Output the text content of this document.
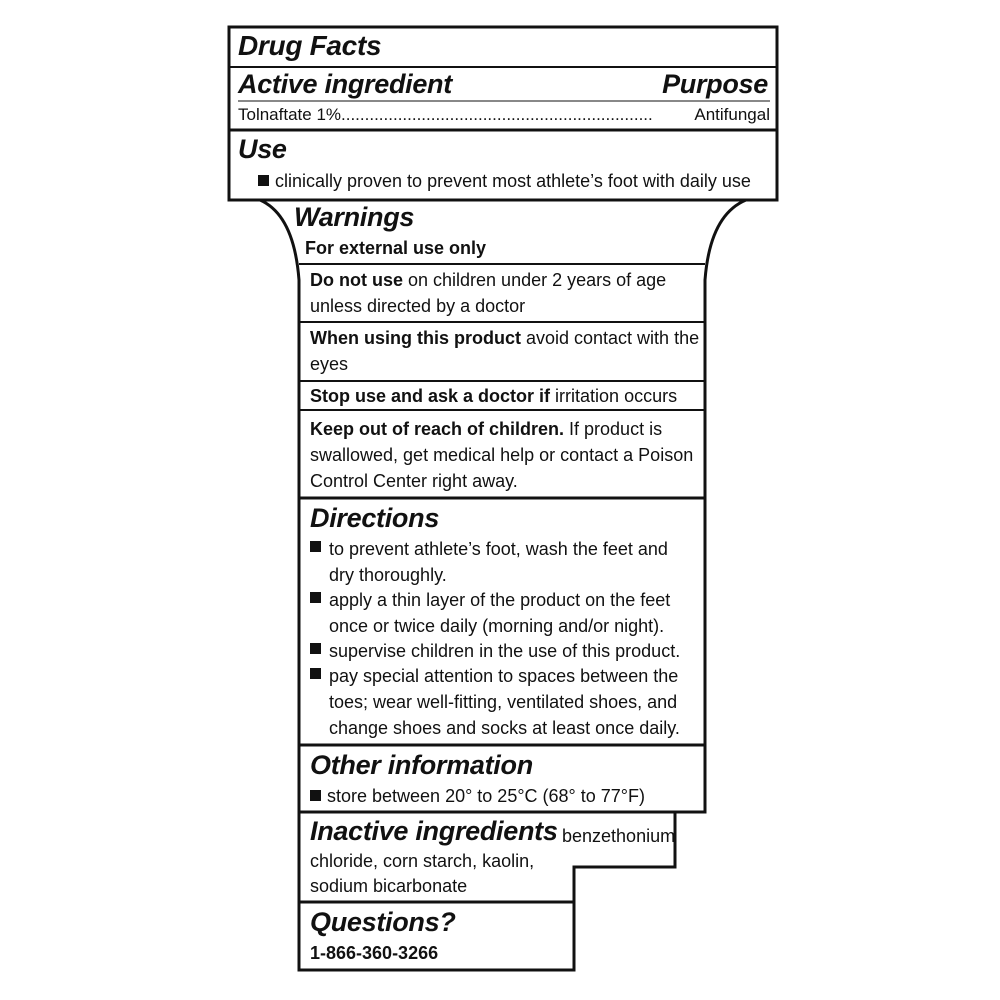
Drug Facts
Active ingredient	Purpose
Tolnaftate 1%..................................................................	Antifungal
Use
clinically proven to prevent most athlete’s foot with daily use
Warnings
For external use only
Do not use on children under 2 years of age
unless directed by a doctor
When using this product avoid contact with the
eyes
Stop use and ask a doctor if irritation occurs
Keep out of reach of children. If product is
swallowed, get medical help or contact a Poison
Control Center right away.
Directions
to prevent athlete’s foot, wash the feet and
dry thoroughly.
apply a thin layer of the product on the feet
once or twice daily (morning and/or night).
supervise children in the use of this product.
pay special attention to spaces between the
toes; wear well-fitting, ventilated shoes, and
change shoes and socks at least once daily.
Other information
store between 20° to 25°C (68° to 77°F)
Inactive ingredients benzethonium
chloride, corn starch, kaolin,
sodium bicarbonate
Questions?
1-866-360-3266
